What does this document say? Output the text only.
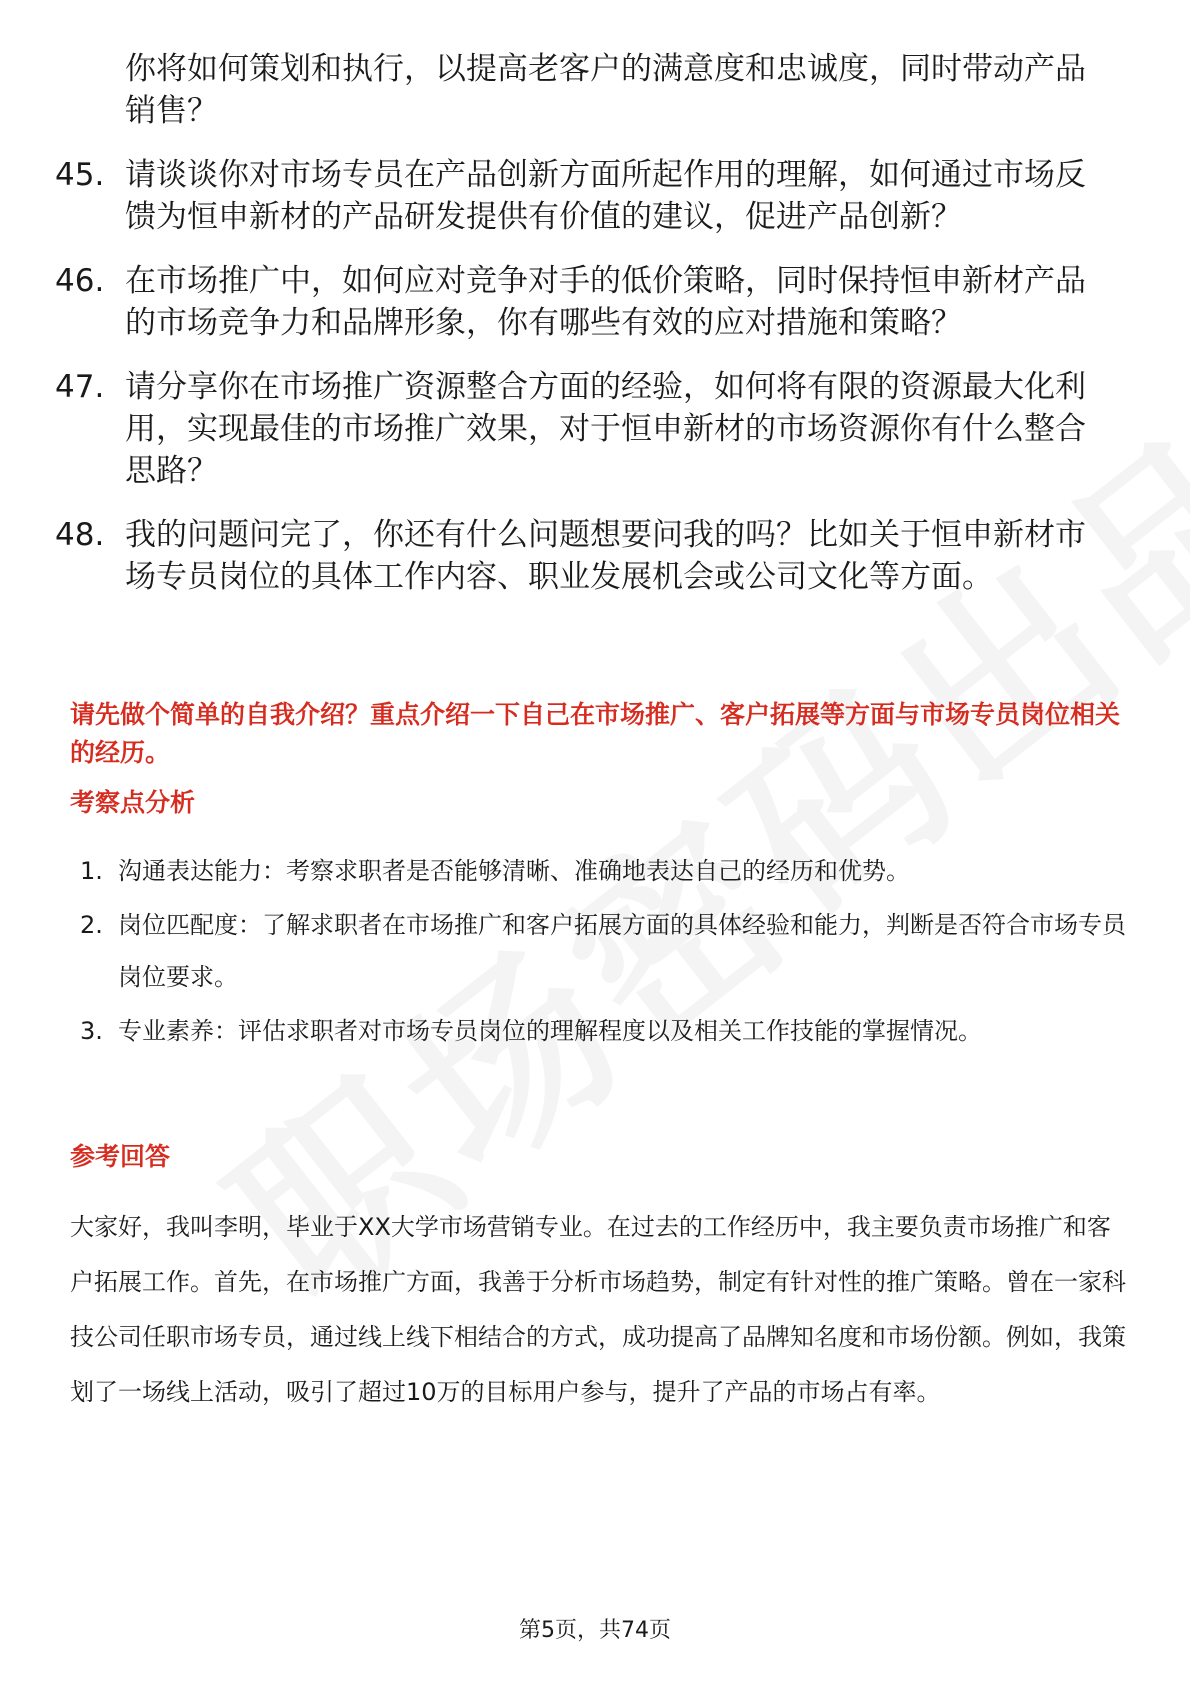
你将如何策划和执行，以提高老客户的满意度和忠诚度，同时带动产品销售？
45. 请谈谈你对市场专员在产品创新方面所起作用的理解，如何通过市场反馈为恒申新材的产品研发提供有价值的建议，促进产品创新？
46. 在市场推广中，如何应对竞争对手的低价策略，同时保持恒申新材产品的市场竞争力和品牌形象，你有哪些有效的应对措施和策略？
47. 请分享你在市场推广资源整合方面的经验，如何将有限的资源最大化利用，实现最佳的市场推广效果，对于恒申新材的市场资源你有什么整合思路？
48. 我的问题问完了，你还有什么问题想要问我的吗？比如关于恒申新材市场专员岗位的具体工作内容、职业发展机会或公司文化等方面。
请先做个简单的自我介绍？重点介绍一下自己在市场推广、客户拓展等方面与市场专员岗位相关的经历。
考察点分析
1. 沟通表达能力：考察求职者是否能够清晰、准确地表达自己的经历和优势。
2. 岗位匹配度：了解求职者在市场推广和客户拓展方面的具体经验和能力，判断是否符合市场专员岗位要求。
3. 专业素养：评估求职者对市场专员岗位的理解程度以及相关工作技能的掌握情况。
参考回答
大家好，我叫李明，毕业于XX大学市场营销专业。在过去的工作经历中，我主要负责市场推广和客户拓展工作。首先，在市场推广方面，我善于分析市场趋势，制定有针对性的推广策略。曾在一家科技公司任职市场专员，通过线上线下相结合的方式，成功提高了品牌知名度和市场份额。例如，我策划了一场线上活动，吸引了超过10万的目标用户参与，提升了产品的市场占有率。
第5页，共74页
